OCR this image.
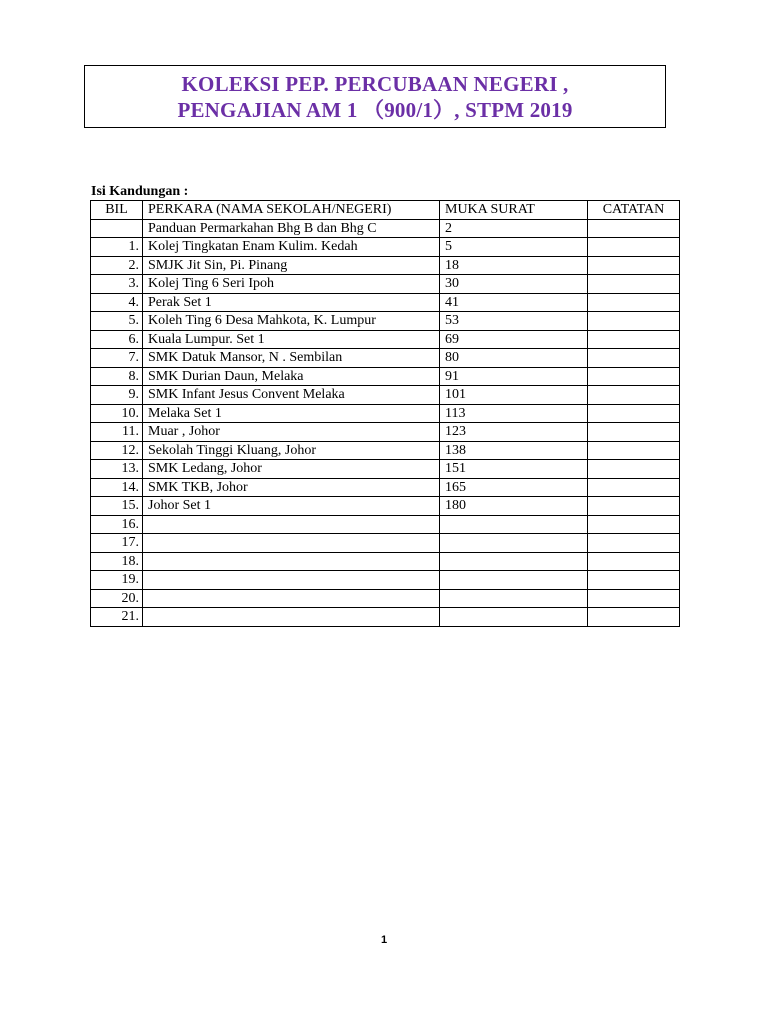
KOLEKSI PEP. PERCUBAAN NEGERI ,
PENGAJIAN AM 1 （900/1）, STPM 2019
Isi Kandungan :
BIL	PERKARA (NAMA SEKOLAH/NEGERI)	MUKA SURAT	CATATAN
	Panduan Permarkahan Bhg B dan Bhg C	2	
1.	Kolej Tingkatan Enam Kulim. Kedah	5	
2.	SMJK Jit Sin, Pi. Pinang	18	
3.	Kolej Ting 6 Seri Ipoh	30	
4.	Perak Set 1	41	
5.	Koleh Ting 6 Desa Mahkota, K. Lumpur	53	
6.	Kuala Lumpur. Set 1	69	
7.	SMK Datuk Mansor, N . Sembilan	80	
8.	SMK Durian Daun, Melaka	91	
9.	SMK Infant Jesus Convent Melaka	101	
10.	Melaka Set 1	113	
11.	Muar , Johor	123	
12.	Sekolah Tinggi Kluang, Johor	138	
13.	SMK Ledang, Johor	151	
14.	SMK TKB, Johor	165	
15.	Johor Set 1	180	
16.			
17.			
18.			
19.			
20.			
21.			
1
